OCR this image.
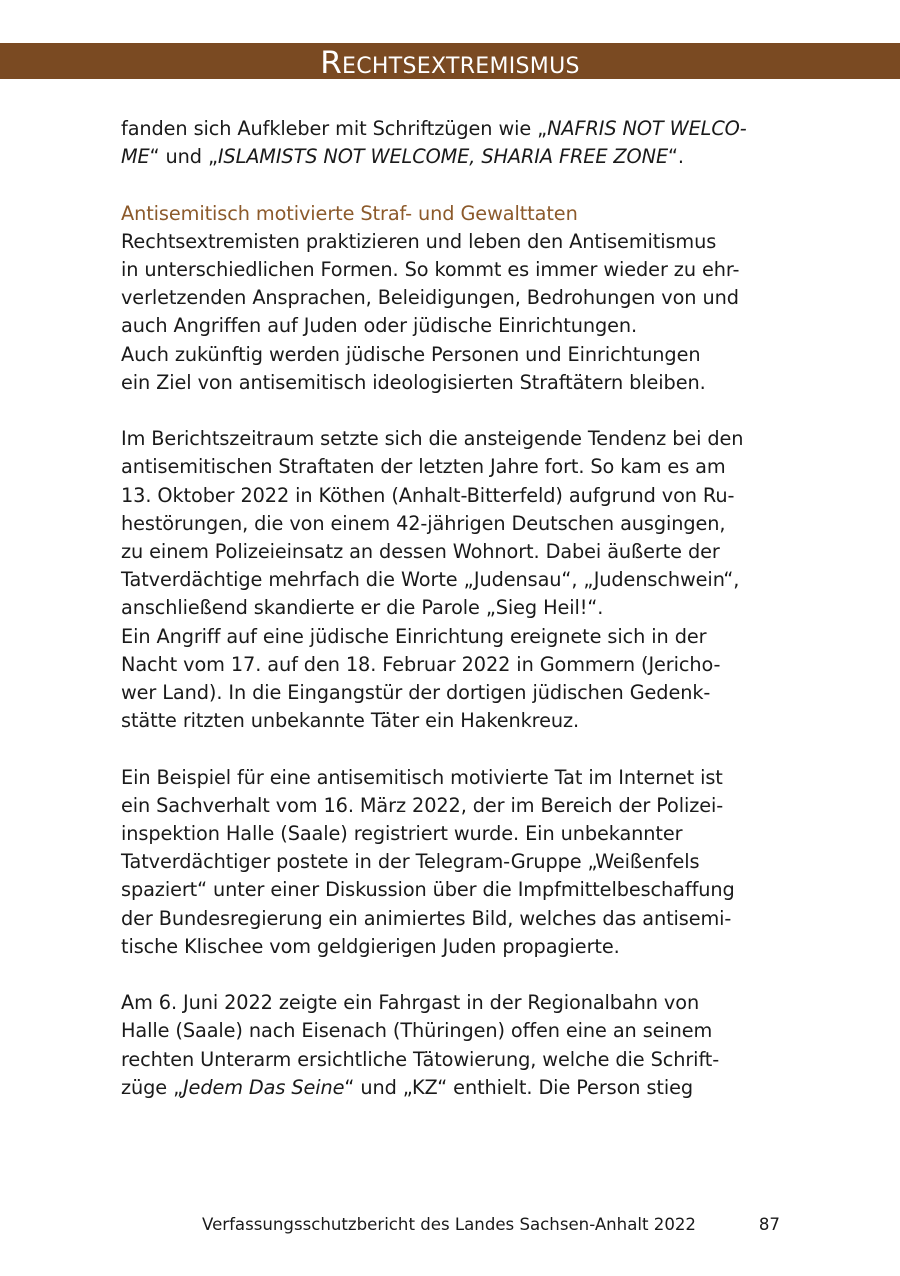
Rechtsextremismus

fanden sich Aufkleber mit Schriftzügen wie „NAFRIS NOT WELCO-
ME“ und „ISLAMISTS NOT WELCOME, SHARIA FREE ZONE“.

Antisemitisch motivierte Straf- und Gewalttaten

Rechtsextremisten praktizieren und leben den Antisemitismus
in unterschiedlichen Formen. So kommt es immer wieder zu ehr-
verletzenden Ansprachen, Beleidigungen, Bedrohungen von und
auch Angriffen auf Juden oder jüdische Einrichtungen.
Auch zukünftig werden jüdische Personen und Einrichtungen
ein Ziel von antisemitisch ideologisierten Straftätern bleiben.

Im Berichtszeitraum setzte sich die ansteigende Tendenz bei den
antisemitischen Straftaten der letzten Jahre fort. So kam es am
13. Oktober 2022 in Köthen (Anhalt-Bitterfeld) aufgrund von Ru-
hestörungen, die von einem 42-jährigen Deutschen ausgingen,
zu einem Polizeieinsatz an dessen Wohnort. Dabei äußerte der
Tatverdächtige mehrfach die Worte „Judensau“, „Judenschwein“,
anschließend skandierte er die Parole „Sieg Heil!“.
Ein Angriff auf eine jüdische Einrichtung ereignete sich in der
Nacht vom 17. auf den 18. Februar 2022 in Gommern (Jericho-
wer Land). In die Eingangstür der dortigen jüdischen Gedenk-
stätte ritzten unbekannte Täter ein Hakenkreuz.

Ein Beispiel für eine antisemitisch motivierte Tat im Internet ist
ein Sachverhalt vom 16. März 2022, der im Bereich der Polizei-
inspektion Halle (Saale) registriert wurde. Ein unbekannter
Tatverdächtiger postete in der Telegram-Gruppe „Weißenfels
spaziert“ unter einer Diskussion über die Impfmittelbeschaffung
der Bundesregierung ein animiertes Bild, welches das antisemi-
tische Klischee vom geldgierigen Juden propagierte.

Am 6. Juni 2022 zeigte ein Fahrgast in der Regionalbahn von
Halle (Saale) nach Eisenach (Thüringen) offen eine an seinem
rechten Unterarm ersichtliche Tätowierung, welche die Schrift-
züge „Jedem Das Seine“ und „KZ“ enthielt. Die Person stieg

Verfassungsschutzbericht des Landes Sachsen-Anhalt 2022	87
